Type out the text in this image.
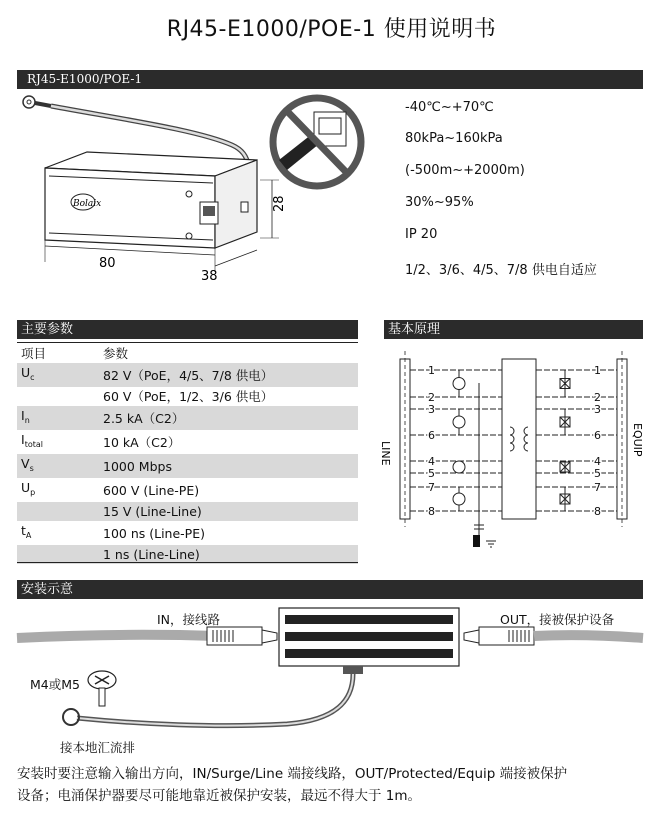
RJ45-E1000/POE-1 使用说明书
RJ45-E1000/POE-1
Bolaix
80
28
38
-40℃~+70℃
80kPa~160kPa
(-500m~+2000m)
30%~95%
IP 20
1/2、3/6、4/5、7/8 供电自适应
主要参数
项目	参数
$U_c$	82 V（PoE，4/5、7/8 供电）
	60 V（PoE，1/2、3/6 供电）
$I_n$	2.5 kA（C2）
$I_{total}$	10 kA（C2）
$V_s$	1000 Mbps
$U_p$	600 V (Line-PE)
	15 V (Line-Line)
$t_A$	100 ns (Line-PE)
	1 ns (Line-Line)
基本原理
LINE	EQUIP
1
2
3
6
4
5
7
8
1
2
3
6
4
5
7
8
安装示意
IN，接线路	OUT，接被保护设备
M4或M5
接本地汇流排
安装时要注意输入输出方向，IN/Surge/Line 端接线路，OUT/Protected/Equip 端接被保护
设备；电涌保护器要尽可能地靠近被保护安装，最远不得大于 1m。
